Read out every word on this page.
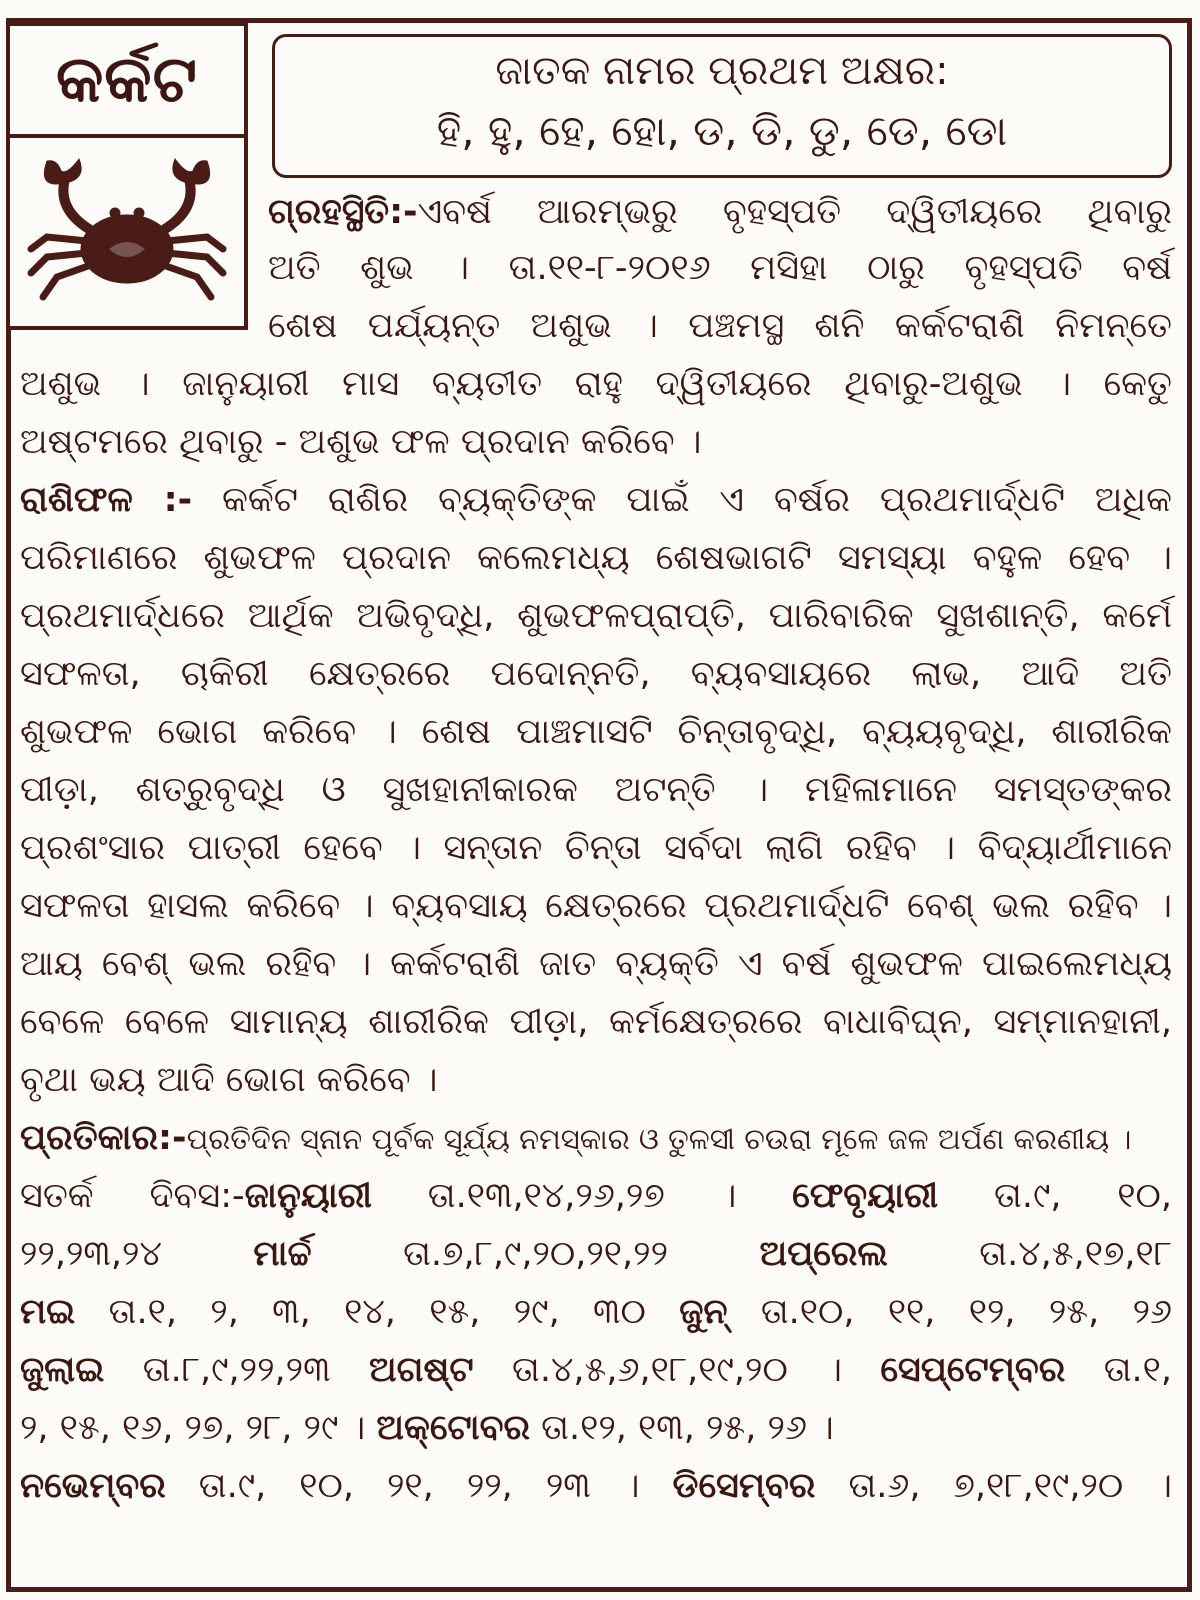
କର୍କଟ	ଜାତକ ନାମର ପ୍ରଥମ ଅକ୍ଷର:
ହି, ହୁ, ହେ, ହୋ, ଡ, ଡି, ଡୁ, ଡେ, ଡୋ
ଗ୍ରହସ୍ଥିତି:-ଏବର୍ଷ ଆରମ୍ଭରୁ ବୃହସ୍ପତି ଦ୍ୱିତୀୟରେ ଥିବାରୁ
ଅତି ଶୁଭ । ତା.୧୧-୮-୨୦୧୬ ମସିହା ଠାରୁ ବୃହସ୍ପତି ବର୍ଷ
ଶେଷ ପର୍ଯ୍ୟନ୍ତ ଅଶୁଭ । ପଞ୍ଚମସ୍ଥ ଶନି କର୍କଟରାଶି ନିମନ୍ତେ
ଅଶୁଭ । ଜାନୁୟାରୀ ମାସ ବ୍ୟତୀତ ରାହୁ ଦ୍ୱିତୀୟରେ ଥିବାରୁ-ଅଶୁଭ । କେତୁ
ଅଷ୍ଟମରେ ଥିବାରୁ - ଅଶୁଭ ଫଳ ପ୍ରଦାନ କରିବେ ।
ରାଶିଫଳ :- କର୍କଟ ରାଶିର ବ୍ୟକ୍ତିଙ୍କ ପାଇଁ ଏ ବର୍ଷର ପ୍ରଥମାର୍ଦ୍ଧଟି ଅଧିକ
ପରିମାଣରେ ଶୁଭଫଳ ପ୍ରଦାନ କଲେମଧ୍ୟ ଶେଷଭାଗଟି ସମସ୍ୟା ବହୁଳ ହେବ ।
ପ୍ରଥମାର୍ଦ୍ଧରେ ଆର୍ଥିକ ଅଭିବୃଦ୍ଧି, ଶୁଭଫଳପ୍ରାପ୍ତି, ପାରିବାରିକ ସୁଖଶାନ୍ତି, କର୍ମେ
ସଫଳତା, ଚାକିରୀ କ୍ଷେତ୍ରରେ ପଦୋନ୍ନତି, ବ୍ୟବସାୟରେ ଲାଭ, ଆଦି ଅତି
ଶୁଭଫଳ ଭୋଗ କରିବେ । ଶେଷ ପାଞ୍ଚମାସଟି ଚିନ୍ତାବୃଦ୍ଧି, ବ୍ୟୟବୃଦ୍ଧି, ଶାରୀରିକ
ପୀଡ଼ା, ଶତ୍ରୁବୃଦ୍ଧି ଓ ସୁଖହାନୀକାରକ ଅଟନ୍ତି । ମହିଳାମାନେ ସମସ୍ତଙ୍କର
ପ୍ରଶଂସାର ପାତ୍ରୀ ହେବେ । ସନ୍ତାନ ଚିନ୍ତା ସର୍ବଦା ଲାଗି ରହିବ । ବିଦ୍ୟାର୍ଥୀମାନେ
ସଫଳତା ହାସଲ କରିବେ । ବ୍ୟବସାୟ କ୍ଷେତ୍ରରେ ପ୍ରଥମାର୍ଦ୍ଧଟି ବେଶ୍ ଭଲ ରହିବ ।
ଆୟ ବେଶ୍ ଭଲ ରହିବ । କର୍କଟରାଶି ଜାତ ବ୍ୟକ୍ତି ଏ ବର୍ଷ ଶୁଭଫଳ ପାଇଲେମଧ୍ୟ
ବେଳେ ବେଳେ ସାମାନ୍ୟ ଶାରୀରିକ ପୀଡ଼ା, କର୍ମକ୍ଷେତ୍ରରେ ବାଧାବିଘ୍ନ, ସମ୍ମାନହାନୀ,
ବୃଥା ଭୟ ଆଦି ଭୋଗ କରିବେ ।
ପ୍ରତିକାର:-ପ୍ରତିଦିନ ସ୍ନାନ ପୂର୍ବକ ସୂର୍ଯ୍ୟ ନମସ୍କାର ଓ ତୁଳସୀ ଚଉରା ମୂଳେ ଜଳ ଅର୍ପଣ କରଣୀୟ ।
ସତର୍କ ଦିବସ:-ଜାନୁୟାରୀ ତା.୧୩,୧୪,୨୬,୨୭ । ଫେବୃୟାରୀ ତା.୯, ୧୦,
୨୨,୨୩,୨୪ ମାର୍ଚ୍ଚ ତା.୭,୮,୯,୨୦,୨୧,୨୨ ଅପ୍ରେଲ ତା.୪,୫,୧୭,୧୮
ମଇ ତା.୧, ୨, ୩, ୧୪, ୧୫, ୨୯, ୩୦ ଜୁନ୍ ତା.୧୦, ୧୧, ୧୨, ୨୫, ୨୬
ଜୁଲାଇ ତା.୮,୯,୨୨,୨୩ ଅଗଷ୍ଟ ତା.୪,୫,୬,୧୮,୧୯,୨୦ । ସେପ୍ଟେମ୍ବର ତା.୧,
୨, ୧୫, ୧୬, ୨୭, ୨୮, ୨୯ । ଅକ୍ଟୋବର ତା.୧୨, ୧୩, ୨୫, ୨୬ ।
ନଭେମ୍ବର ତା.୯, ୧୦, ୨୧, ୨୨, ୨୩ । ଡିସେମ୍ବର ତା.୬, ୭,୧୮,୧୯,୨୦ ।
